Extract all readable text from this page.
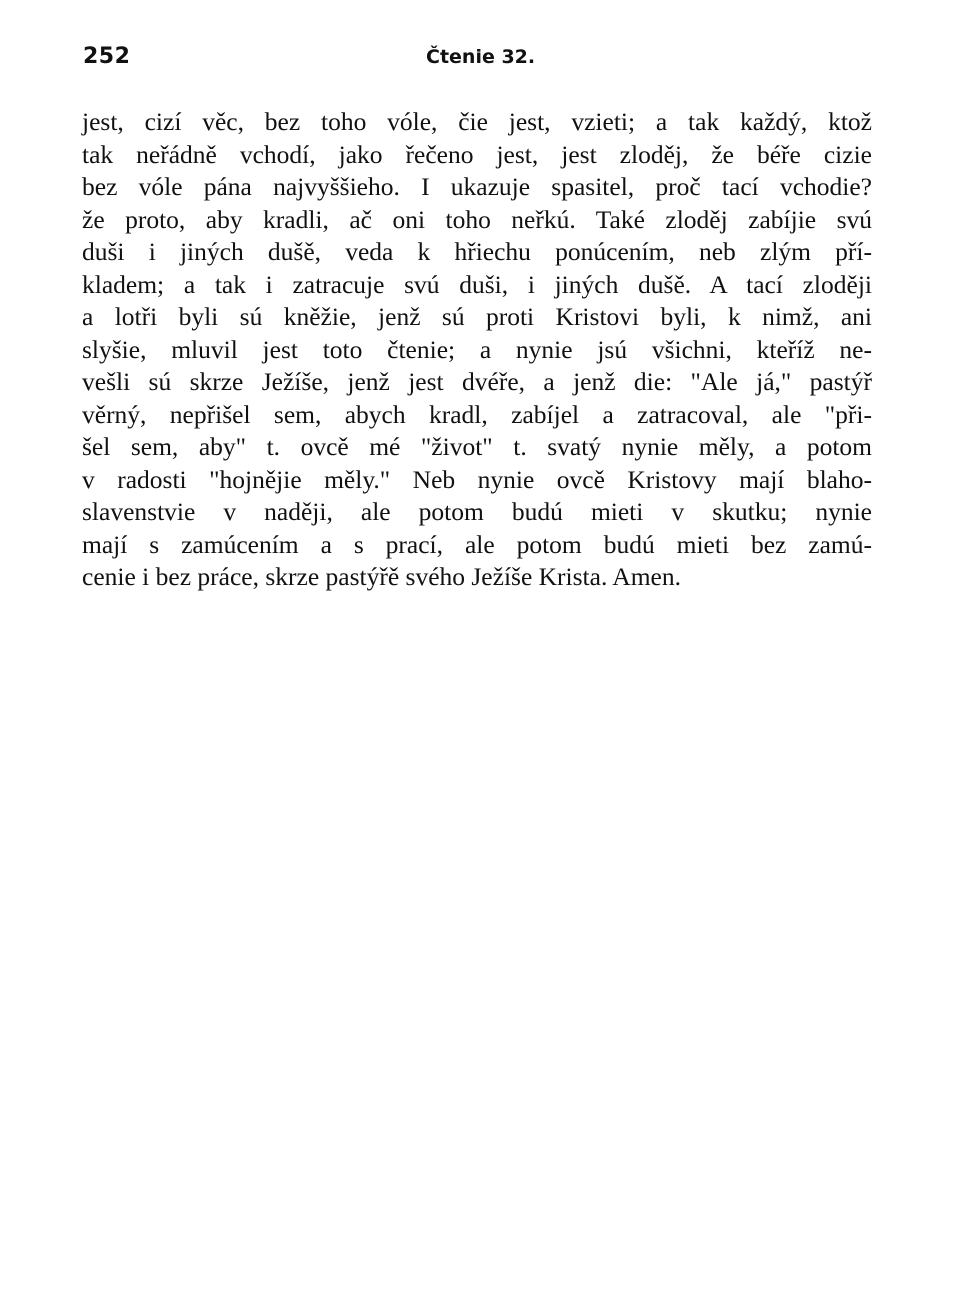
252	Čtenie 32.
jest, cizí věc, bez toho vóle, čie jest, vzieti; a tak každý, ktož
tak neřádně vchodí, jako řečeno jest, jest zloděj, že béře cizie
bez vóle pána najvyššieho. I ukazuje spasitel, proč tací vchodie?
že proto, aby kradli, ač oni toho neřkú. Také zloděj zabíjie svú
duši i jiných dušě, veda k hřiechu ponúcením, neb zlým pří-
kladem; a tak i zatracuje svú duši, i jiných dušě. A tací zloději
a lotři byli sú kněžie, jenž sú proti Kristovi byli, k nimž, ani
slyšie, mluvil jest toto čtenie; a nynie jsú všichni, kteříž ne-
vešli sú skrze Ježíše, jenž jest dvéře, a jenž die: "Ale já," pastýř
věrný, nepřišel sem, abych kradl, zabíjel a zatracoval, ale "při-
šel sem, aby" t. ovcě mé "život" t. svatý nynie měly, a potom
v radosti "hojnějie měly." Neb nynie ovcě Kristovy mají blaho-
slavenstvie v naději, ale potom budú mieti v skutku; nynie
mají s zamúcením a s prací, ale potom budú mieti bez zamú-
cenie i bez práce, skrze pastýřě svého Ježíše Krista. Amen.
